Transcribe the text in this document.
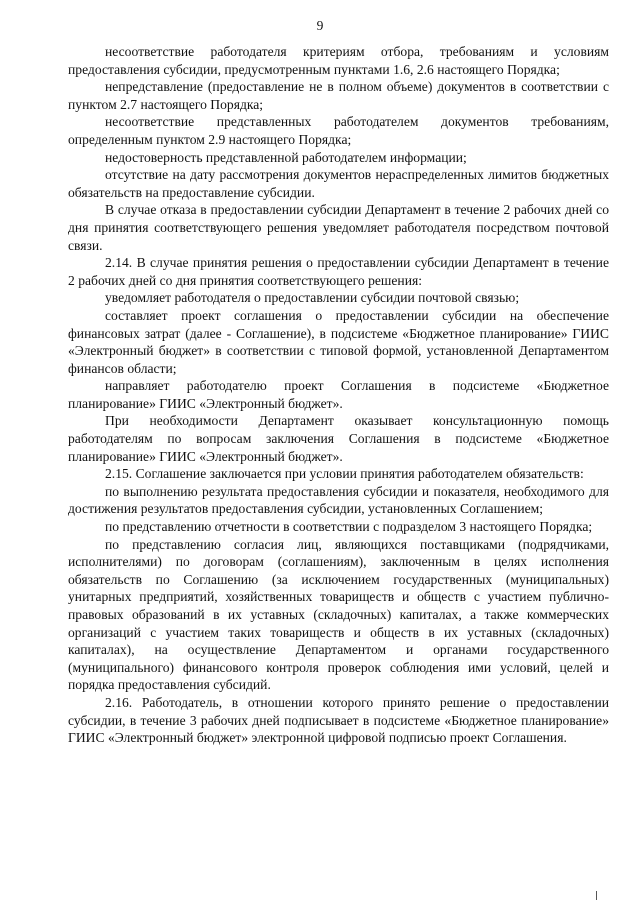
9

несоответствие работодателя критериям отбора, требованиям и условиям предоставления субсидии, предусмотренным пунктами 1.6, 2.6 настоящего Порядка;

непредставление (предоставление не в полном объеме) документов в соответствии с пунктом 2.7 настоящего Порядка;

несоответствие представленных работодателем документов требованиям, определенным пунктом 2.9 настоящего Порядка;

недостоверность представленной работодателем информации;

отсутствие на дату рассмотрения документов нераспределенных лимитов бюджетных обязательств на предоставление субсидии.

В случае отказа в предоставлении субсидии Департамент в течение 2 рабочих дней со дня принятия соответствующего решения уведомляет работодателя посредством почтовой связи.

2.14. В случае принятия решения о предоставлении субсидии Департамент в течение 2 рабочих дней со дня принятия соответствующего решения:

уведомляет работодателя о предоставлении субсидии почтовой связью;

составляет проект соглашения о предоставлении субсидии на обеспечение финансовых затрат (далее - Соглашение), в подсистеме «Бюджетное планирование» ГИИС «Электронный бюджет» в соответствии с типовой формой, установленной Департаментом финансов области;

направляет работодателю проект Соглашения в подсистеме «Бюджетное планирование» ГИИС «Электронный бюджет».

При необходимости Департамент оказывает консультационную помощь работодателям по вопросам заключения Соглашения в подсистеме «Бюджетное планирование» ГИИС «Электронный бюджет».

2.15. Соглашение заключается при условии принятия работодателем обязательств:

по выполнению результата предоставления субсидии и показателя, необходимого для достижения результатов предоставления субсидии, установленных Соглашением;

по представлению отчетности в соответствии с подразделом 3 настоящего Порядка;

по представлению согласия лиц, являющихся поставщиками (подрядчиками, исполнителями) по договорам (соглашениям), заключенным в целях исполнения обязательств по Соглашению (за исключением государственных (муниципальных) унитарных предприятий, хозяйственных товариществ и обществ с участием публично-правовых образований в их уставных (складочных) капиталах, а также коммерческих организаций с участием таких товариществ и обществ в их уставных (складочных) капиталах), на осуществление Департаментом и органами государственного (муниципального) финансового контроля проверок соблюдения ими условий, целей и порядка предоставления субсидий.

2.16. Работодатель, в отношении которого принято решение о предоставлении субсидии, в течение 3 рабочих дней подписывает в подсистеме «Бюджетное планирование» ГИИС «Электронный бюджет» электронной цифровой подписью проект Соглашения.
